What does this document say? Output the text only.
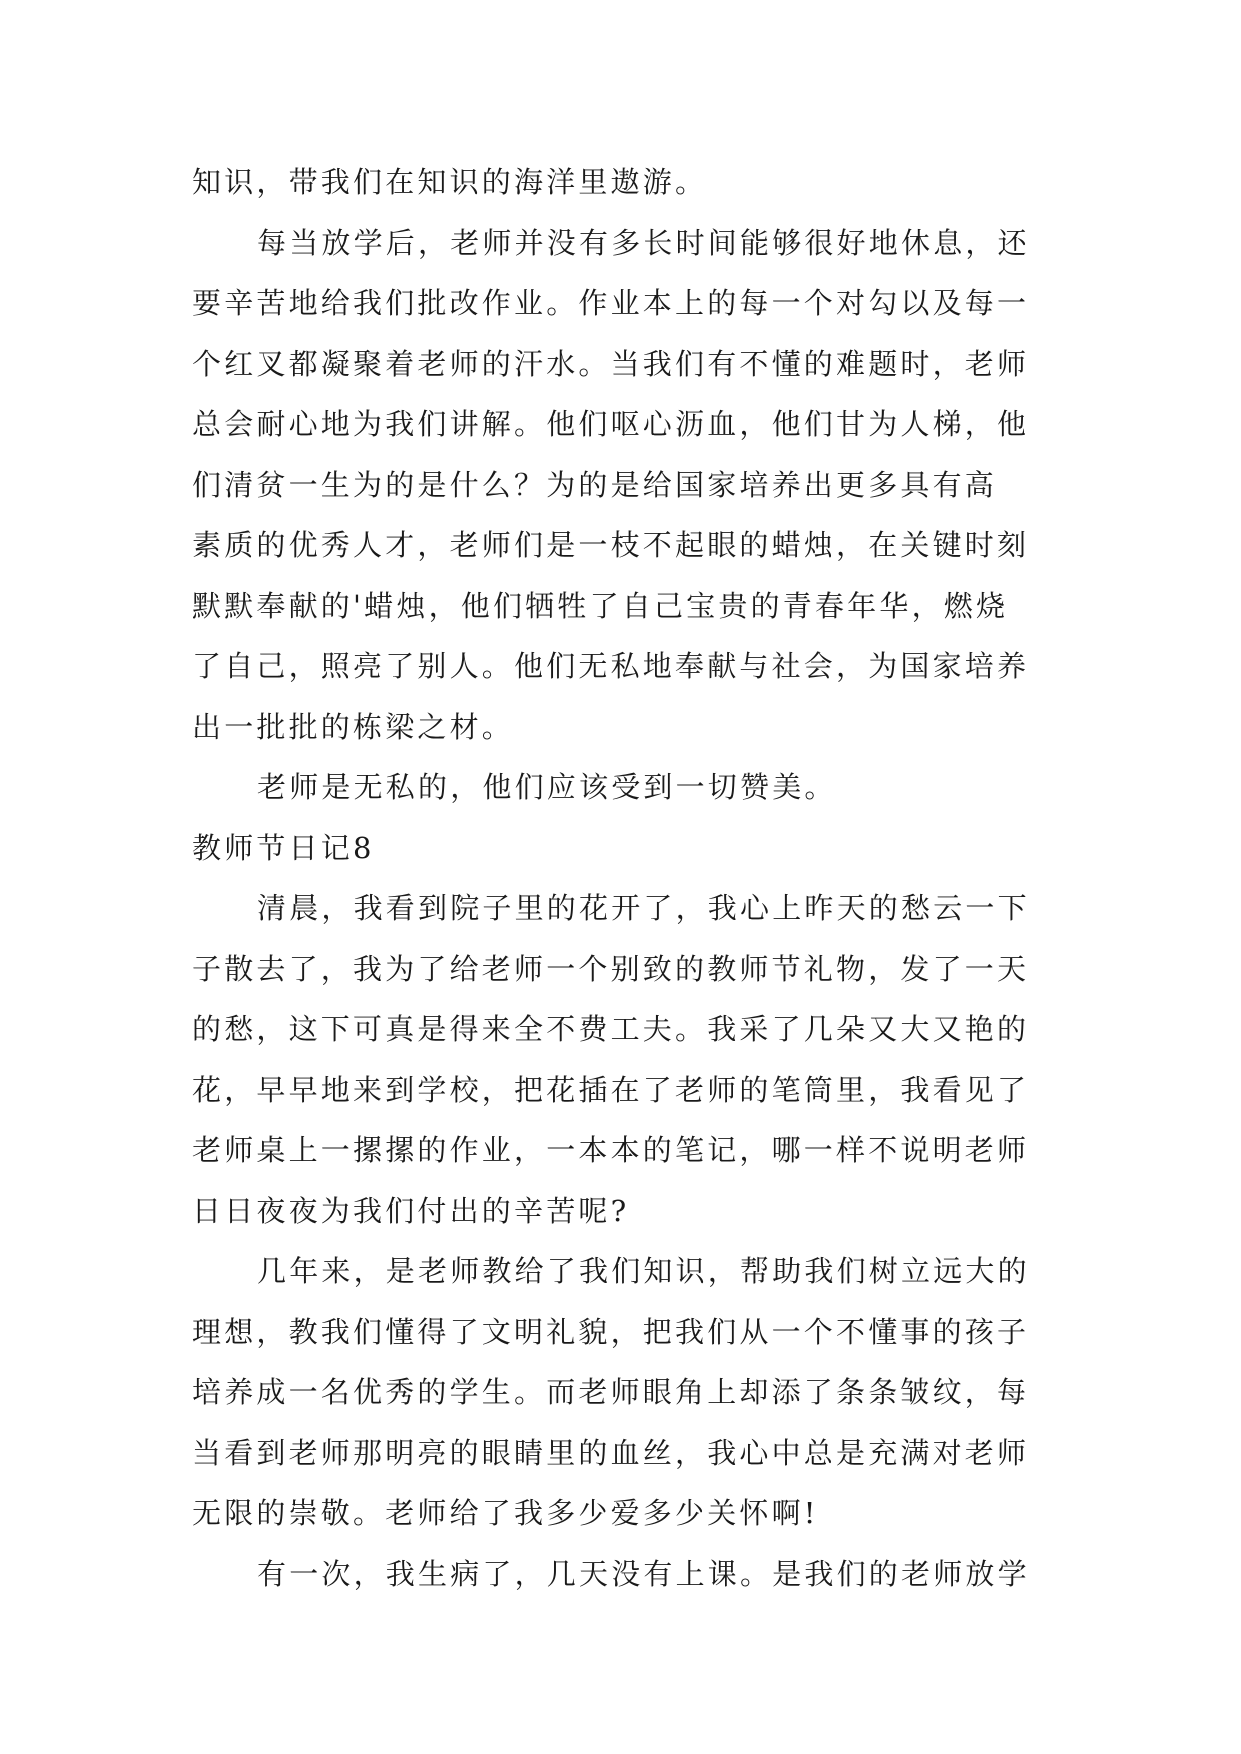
知识，带我们在知识的海洋里遨游。
每当放学后，老师并没有多长时间能够很好地休息，还
要辛苦地给我们批改作业。作业本上的每一个对勾以及每一
个红叉都凝聚着老师的汗水。当我们有不懂的难题时，老师
总会耐心地为我们讲解。他们呕心沥血，他们甘为人梯，他
们清贫一生为的是什么？为的是给国家培养出更多具有高
素质的优秀人才，老师们是一枝不起眼的蜡烛，在关键时刻
默默奉献的'蜡烛，他们牺牲了自己宝贵的青春年华，燃烧
了自己，照亮了别人。他们无私地奉献与社会，为国家培养
出一批批的栋梁之材。
老师是无私的，他们应该受到一切赞美。
教师节日记8
清晨，我看到院子里的花开了，我心上昨天的愁云一下
子散去了，我为了给老师一个别致的教师节礼物，发了一天
的愁，这下可真是得来全不费工夫。我采了几朵又大又艳的
花，早早地来到学校，把花插在了老师的笔筒里，我看见了
老师桌上一摞摞的作业，一本本的笔记，哪一样不说明老师
日日夜夜为我们付出的辛苦呢?
几年来，是老师教给了我们知识，帮助我们树立远大的
理想，教我们懂得了文明礼貌，把我们从一个不懂事的孩子
培养成一名优秀的学生。而老师眼角上却添了条条皱纹，每
当看到老师那明亮的眼睛里的血丝，我心中总是充满对老师
无限的崇敬。老师给了我多少爱多少关怀啊!
有一次，我生病了，几天没有上课。是我们的老师放学
